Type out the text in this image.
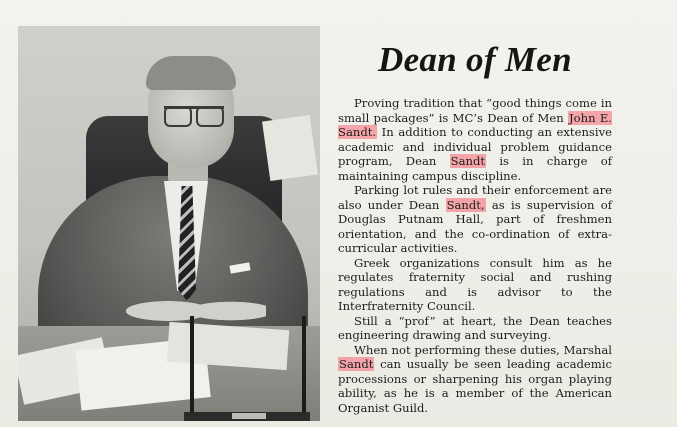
Dean of Men

Proving tradition that “good things come in small packages” is MC’s Dean of Men John E. Sandt. In addition to conducting an extensive academic and individual problem guidance program, Dean Sandt is in charge of maintaining campus discipline.

Parking lot rules and their enforcement are also under Dean Sandt, as is supervision of Douglas Putnam Hall, part of freshmen orientation, and the co-ordination of extra-curricular activities.

Greek organizations consult him as he regulates fraternity social and rushing regulations and is advisor to the Interfraternity Council.

Still a “prof” at heart, the Dean teaches engineering drawing and surveying.

When not performing these duties, Marshal Sandt can usually be seen leading academic processions or sharpening his organ playing ability, as he is a member of the American Organist Guild.
